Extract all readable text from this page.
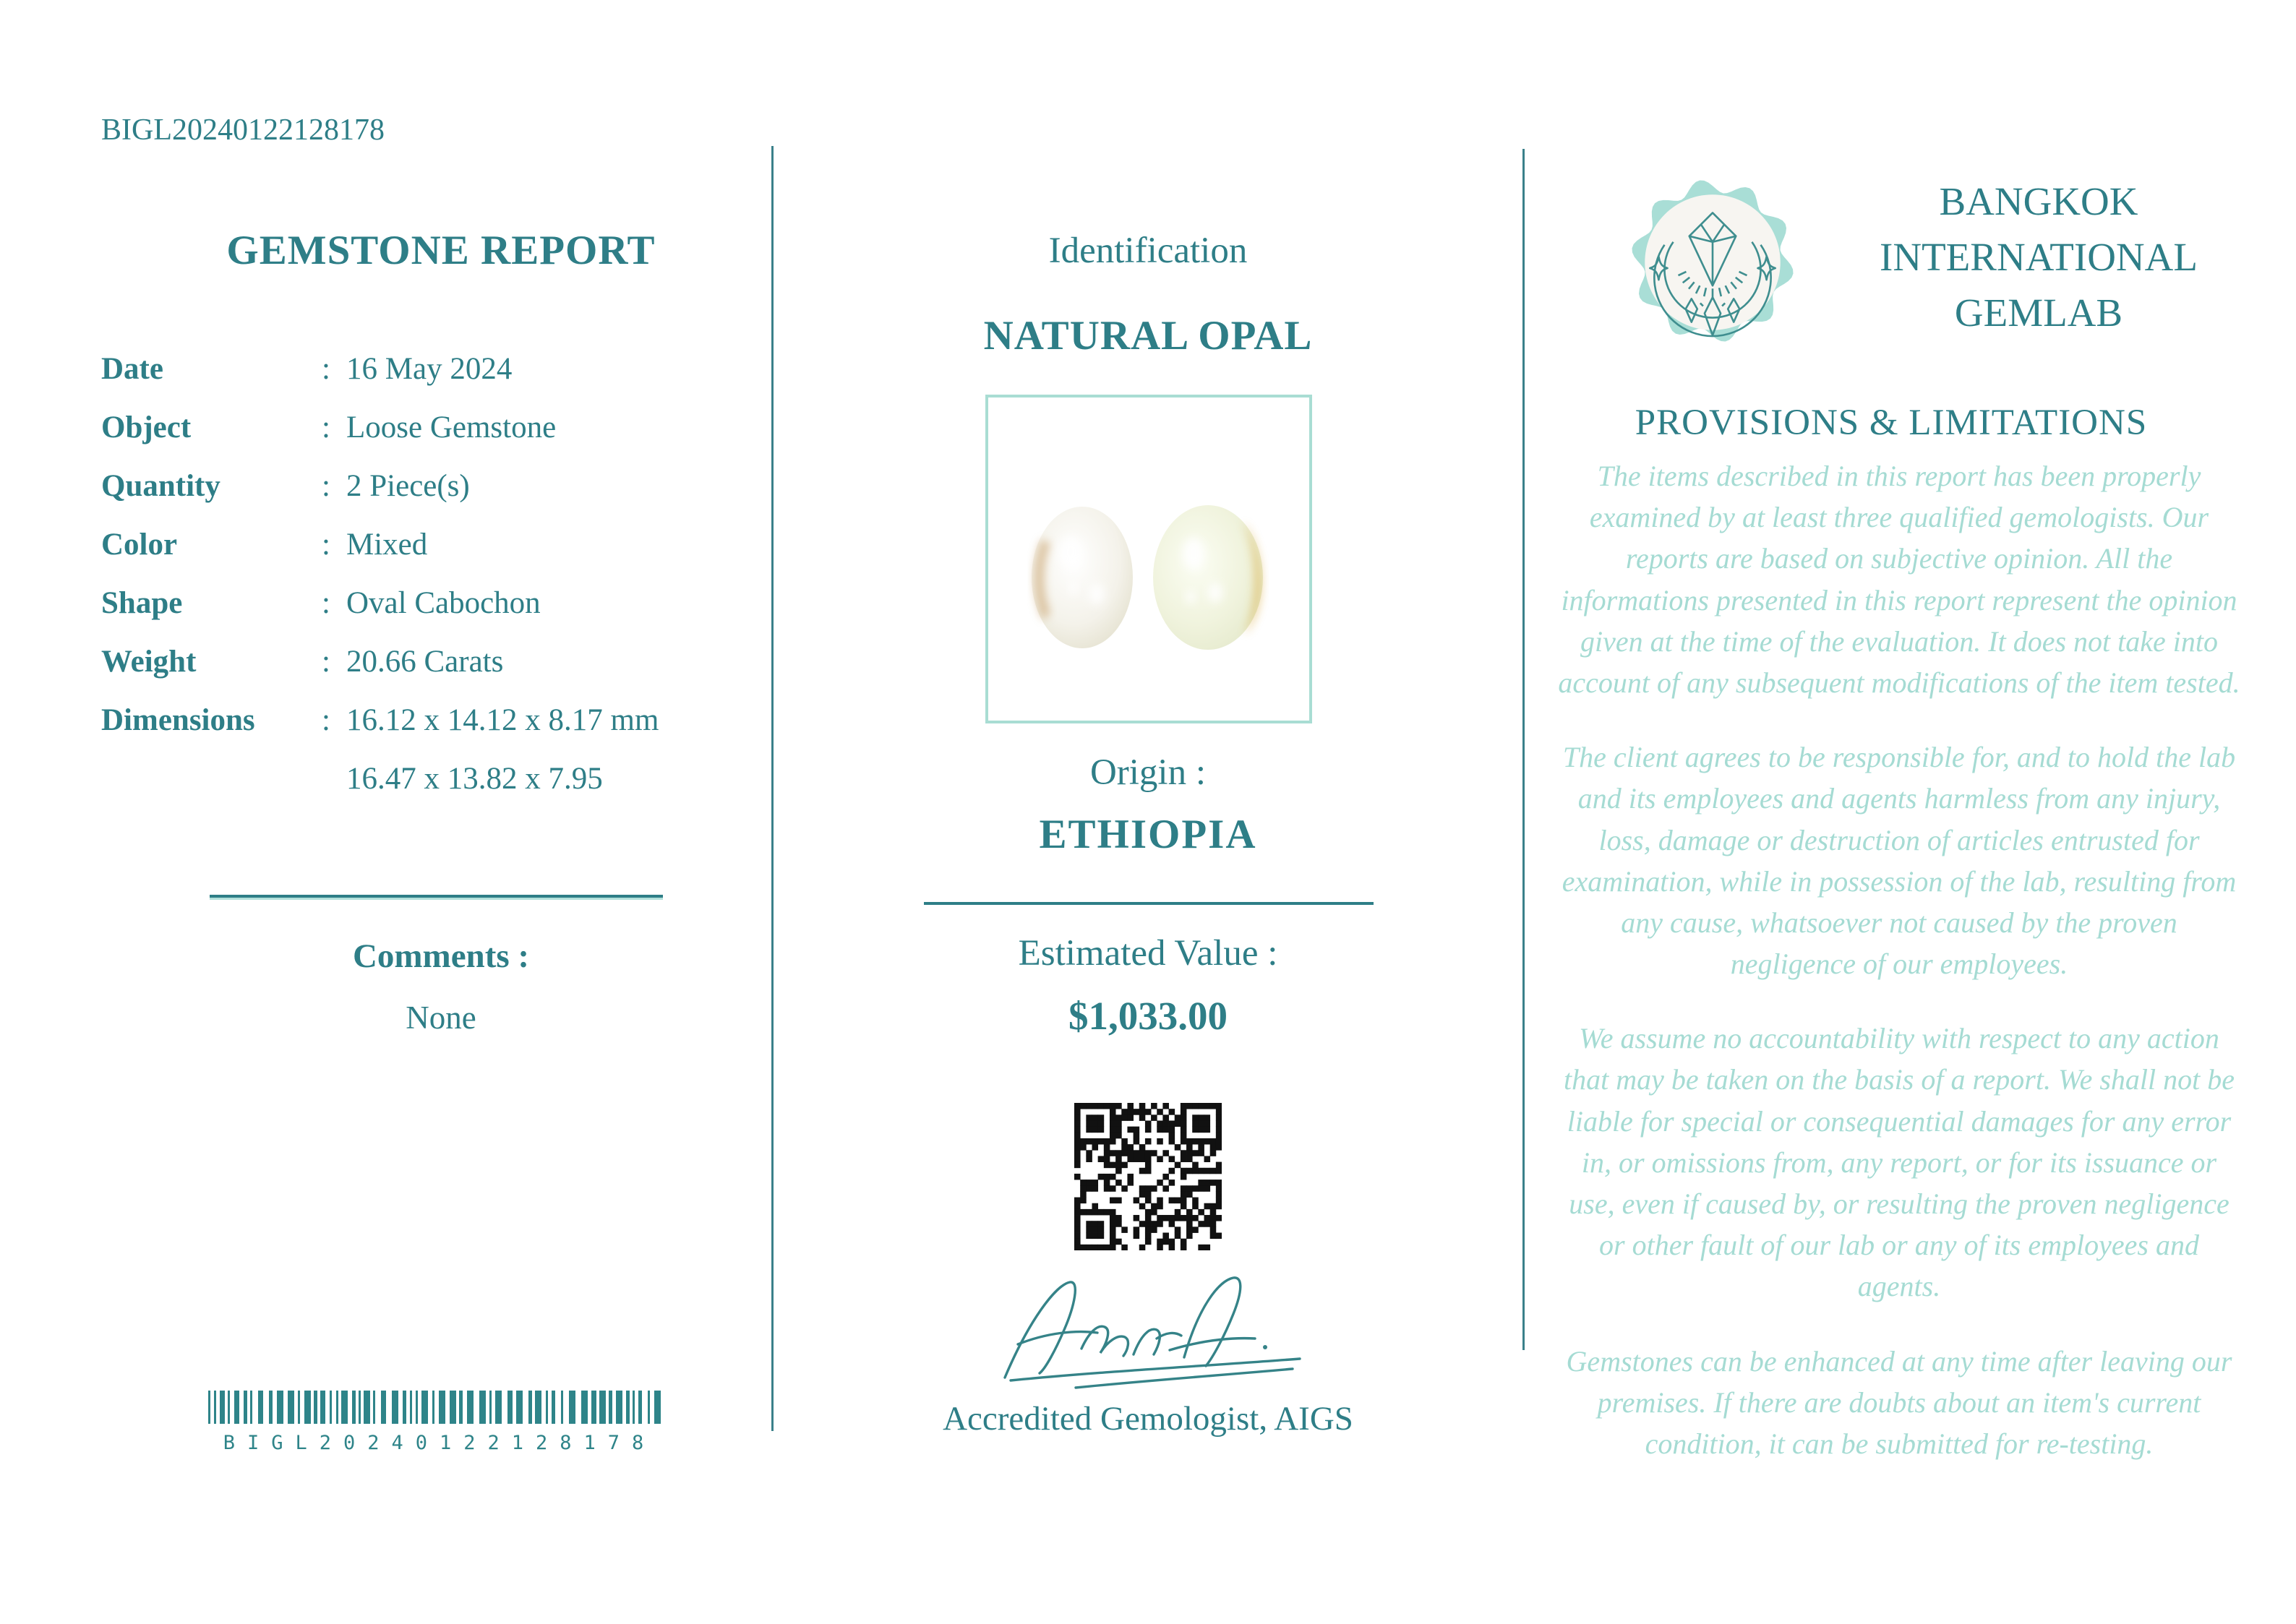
BIGL20240122128178
GEMSTONE REPORT
Date	: 16 May 2024
Object	: Loose Gemstone
Quantity	: 2 Piece(s)
Color	: Mixed
Shape	: Oval Cabochon
Weight	: 20.66 Carats
Dimensions	: 16.12 x 14.12 x 8.17 mm
16.47 x 13.82 x 7.95
Comments :
None
BIGL20240122128178
Identification
NATURAL OPAL
Origin :
ETHIOPIA
Estimated Value :
$1,033.00
Accredited Gemologist, AIGS
BANGKOK
INTERNATIONAL
GEMLAB
PROVISIONS & LIMITATIONS

The items described in this report has been properly examined by at least three qualified gemologists. Our reports are based on subjective opinion. All the informations presented in this report represent the opinion given at the time of the evaluation. It does not take into account of any subsequent modifications of the item tested.

The client agrees to be responsible for, and to hold the lab and its employees and agents harmless from any injury, loss, damage or destruction of articles entrusted for examination, while in possession of the lab, resulting from any cause, whatsoever not caused by the proven negligence of our employees.

We assume no accountability with respect to any action that may be taken on the basis of a report. We shall not be liable for special or consequential damages for any error in, or omissions from, any report, or for its issuance or use, even if caused by, or resulting the proven negligence or other fault of our lab or any of its employees and agents.

Gemstones can be enhanced at any time after leaving our premises. If there are doubts about an item's current condition, it can be submitted for re-testing.
